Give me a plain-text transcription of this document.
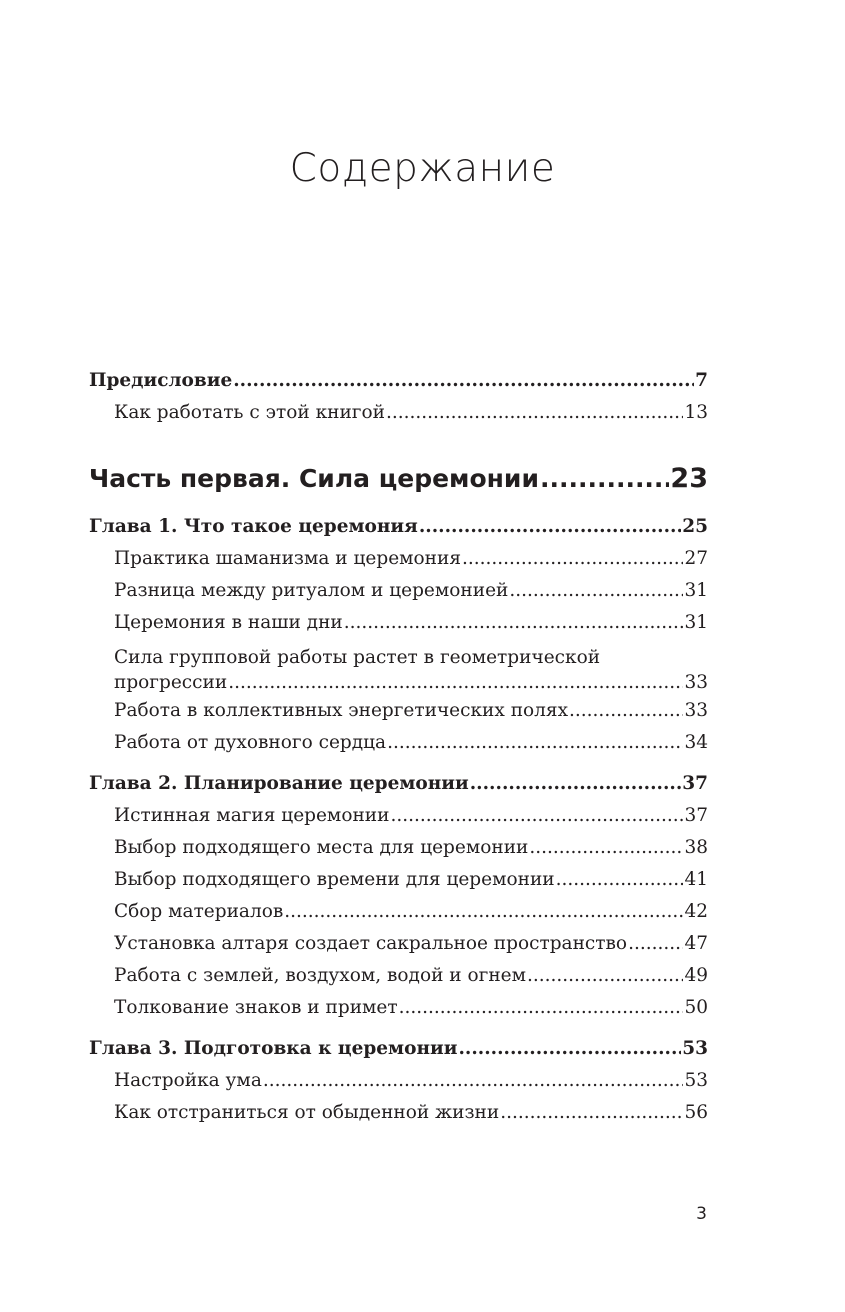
Содержание
Предисловие .....	7
Как работать с этой книгой .....	13
Часть первая. Сила церемонии .....	23
Глава 1. Что такое церемония .....	25
Практика шаманизма и церемония .....	27
Разница между ритуалом и церемонией .....	31
Церемония в наши дни .....	31
Сила групповой работы растет в геометрической
прогрессии .....	33
Работа в коллективных энергетических полях .....	33
Работа от духовного сердца .....	34
Глава 2. Планирование церемонии .....	37
Истинная магия церемонии .....	37
Выбор подходящего места для церемонии .....	38
Выбор подходящего времени для церемонии .....	41
Сбор материалов .....	42
Установка алтаря создает сакральное пространство .....	47
Работа с землей, воздухом, водой и огнем .....	49
Толкование знаков и примет .....	50
Глава 3. Подготовка к церемонии .....	53
Настройка ума .....	53
Как отстраниться от обыденной жизни .....	56
3
